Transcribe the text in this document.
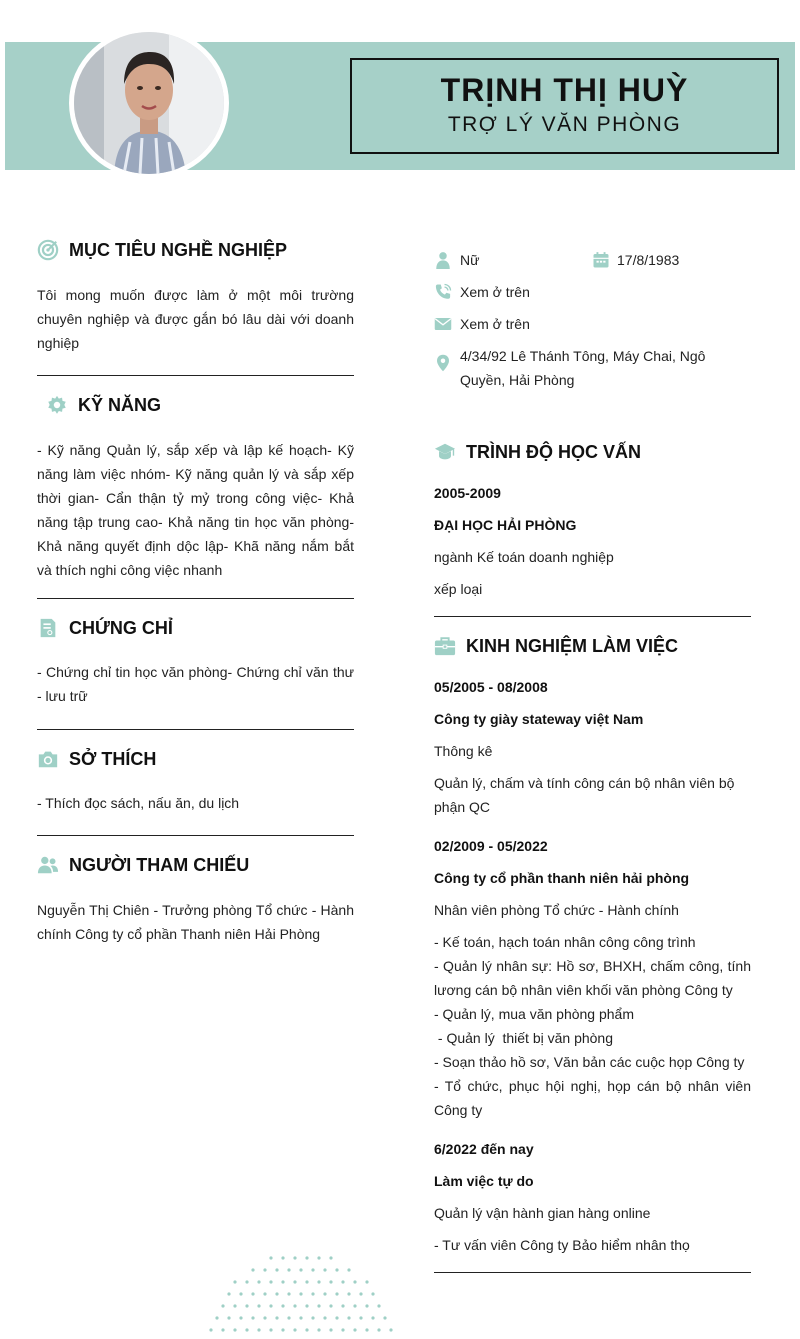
TRỊNH THỊ HUỲ
TRỢ LÝ VĂN PHÒNG
MỤC TIÊU NGHỀ NGHIỆP
Tôi mong muốn được làm ở một môi trường chuyên nghiệp và được gắn bó lâu dài với doanh nghiệp
KỸ NĂNG
- Kỹ năng Quản lý, sắp xếp và lập kế hoạch- Kỹ năng làm việc nhóm- Kỹ năng quản lý và sắp xếp thời gian- Cẩn thận tỷ mỷ trong công việc- Khả năng tập trung cao- Khả năng tin học văn phòng- Khả năng quyết định dộc lập- Khã năng nắm bắt và thích nghi công việc nhanh
CHỨNG CHỈ
- Chứng chỉ tin học văn phòng- Chứng chỉ văn thư - lưu trữ
SỞ THÍCH
- Thích đọc sách, nấu ăn, du lịch
NGƯỜI THAM CHIẾU
Nguyễn Thị Chiên - Trưởng phòng Tổ chức - Hành chính Công ty cổ phần Thanh niên Hải Phòng
Nữ	17/8/1983
Xem ở trên
Xem ở trên
4/34/92 Lê Thánh Tông, Máy Chai, Ngô Quyền, Hải Phòng
TRÌNH ĐỘ HỌC VẤN
2005-2009
ĐẠI HỌC HẢI PHÒNG
ngành Kế toán doanh nghiệp
xếp loại
KINH NGHIỆM LÀM VIỆC
05/2005 - 08/2008
Công ty giày stateway việt Nam
Thông kê
Quản lý, chấm và tính công cán bộ nhân viên bộ phận QC
02/2009 - 05/2022
Công ty cổ phần thanh niên hải phòng
Nhân viên phòng Tổ chức - Hành chính
- Kế toán, hạch toán nhân công công trình
- Quản lý nhân sự: Hồ sơ, BHXH, chấm công, tính lương cán bộ nhân viên khối văn phòng Công ty
- Quản lý, mua văn phòng phẩm
- Quản lý  thiết bị văn phòng
- Soạn thảo hồ sơ, Văn bản các cuộc họp Công ty
- Tổ chức, phục hội nghị, họp cán bộ nhân viên Công ty
6/2022 đến nay
Làm việc tự do
Quản lý vận hành gian hàng online
- Tư vấn viên Công ty Bảo hiểm nhân thọ
